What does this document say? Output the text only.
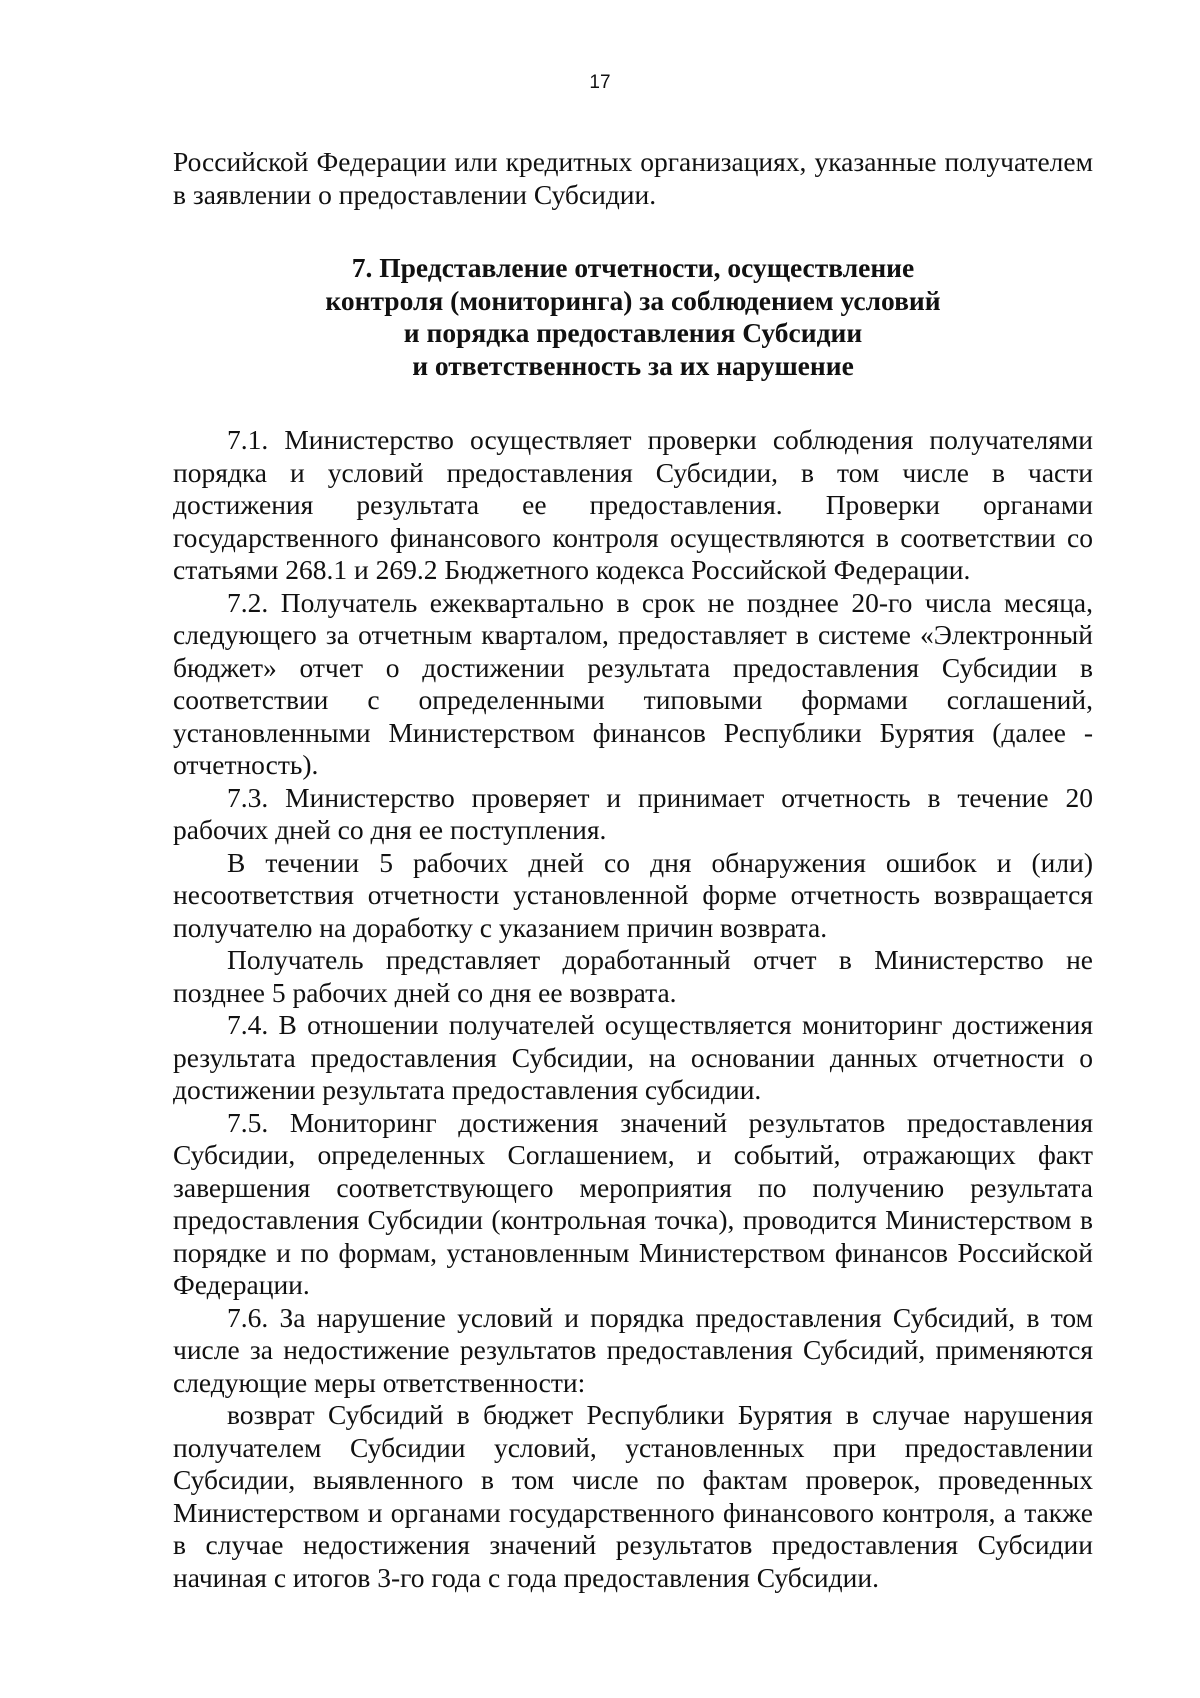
17

Российской Федерации или кредитных организациях, указанные получателем в заявлении о предоставлении Субсидии.

7. Представление отчетности, осуществление
контроля (мониторинга) за соблюдением условий
и порядка предоставления Субсидии
и ответственность за их нарушение

7.1. Министерство осуществляет проверки соблюдения получателями порядка и условий предоставления Субсидии, в том числе в части достижения результата ее предоставления. Проверки органами государственного финансового контроля осуществляются в соответствии со статьями 268.1 и 269.2 Бюджетного кодекса Российской Федерации.

7.2. Получатель ежеквартально в срок не позднее 20-го числа месяца, следующего за отчетным кварталом, предоставляет в системе «Электронный бюджет» отчет о достижении результата предоставления Субсидии в соответствии с определенными типовыми формами соглашений, установленными Министерством финансов Республики Бурятия (далее - отчетность).

7.3. Министерство проверяет и принимает отчетность в течение 20 рабочих дней со дня ее поступления.

В течении 5 рабочих дней со дня обнаружения ошибок и (или) несоответствия отчетности установленной форме отчетность возвращается получателю на доработку с указанием причин возврата.

Получатель представляет доработанный отчет в Министерство не позднее 5 рабочих дней со дня ее возврата.

7.4. В отношении получателей осуществляется мониторинг достижения результата предоставления Субсидии, на основании данных отчетности о достижении результата предоставления субсидии.

7.5. Мониторинг достижения значений результатов предоставления Субсидии, определенных Соглашением, и событий, отражающих факт завершения соответствующего мероприятия по получению результата предоставления Субсидии (контрольная точка), проводится Министерством в порядке и по формам, установленным Министерством финансов Российской Федерации.

7.6. За нарушение условий и порядка предоставления Субсидий, в том числе за недостижение результатов предоставления Субсидий, применяются следующие меры ответственности:

возврат Субсидий в бюджет Республики Бурятия в случае нарушения получателем Субсидии условий, установленных при предоставлении Субсидии, выявленного в том числе по фактам проверок, проведенных Министерством и органами государственного финансового контроля, а также в случае недостижения значений результатов предоставления Субсидии начиная с итогов 3-го года с года предоставления Субсидии.
